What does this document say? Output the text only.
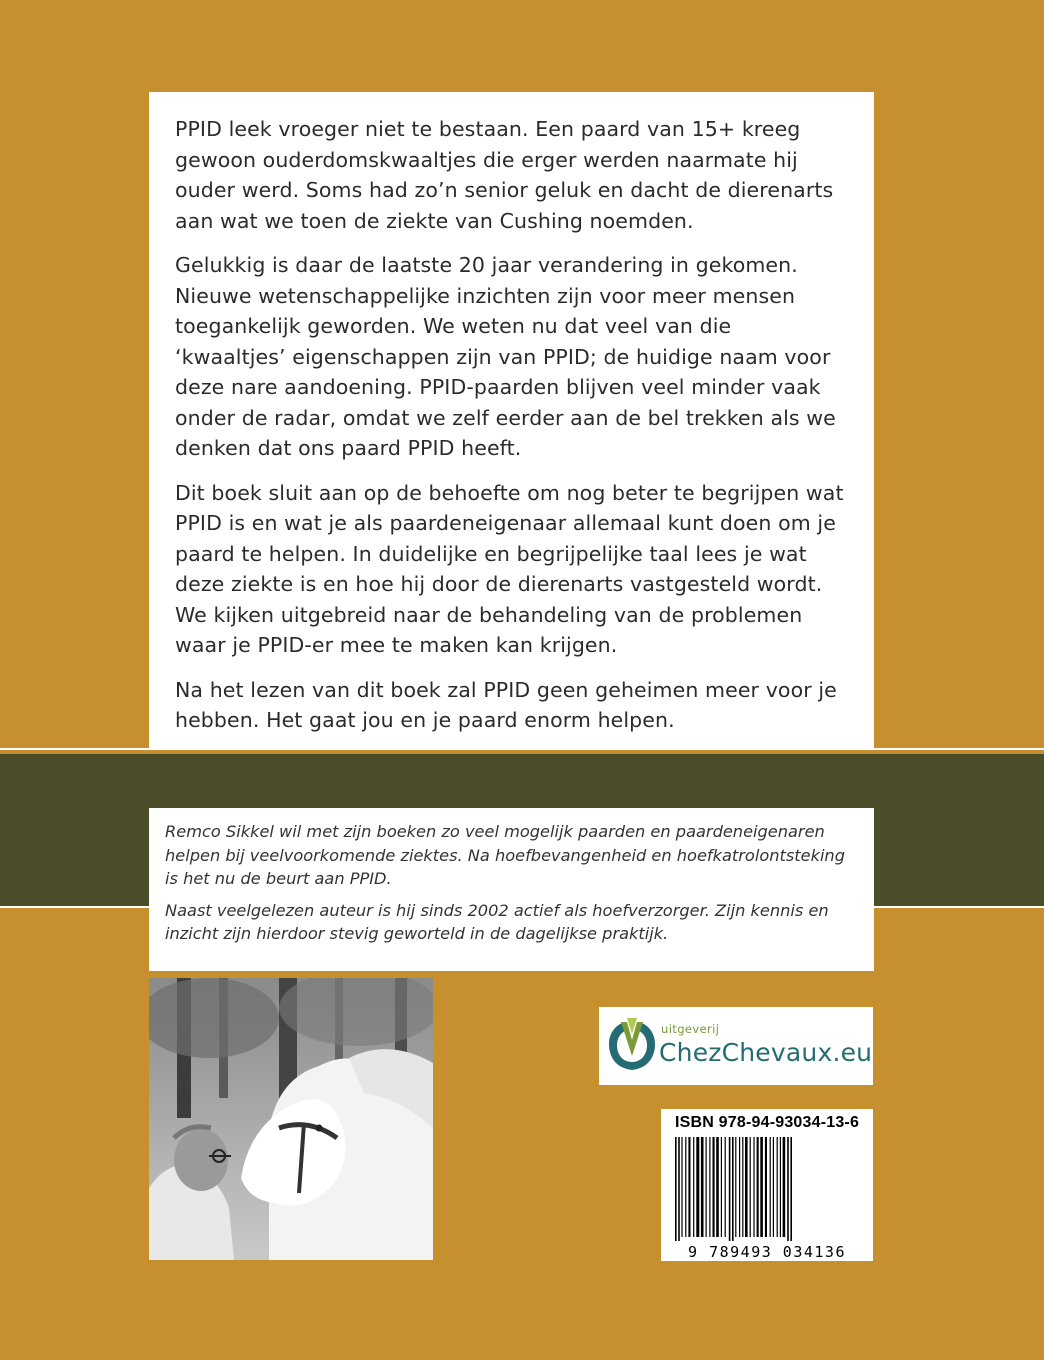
PPID leek vroeger niet te bestaan. Een paard van 15+ kreeg gewoon ouderdomskwaaltjes die erger werden naarmate hij ouder werd. Soms had zo’n senior geluk en dacht de dierenarts aan wat we toen de ziekte van Cushing noemden.

Gelukkig is daar de laatste 20 jaar verandering in gekomen. Nieuwe wetenschappelijke inzichten zijn voor meer mensen toegankelijk geworden. We weten nu dat veel van die ‘kwaaltjes’ eigenschappen zijn van PPID; de huidige naam voor deze nare aandoening. PPID-paarden blijven veel minder vaak onder de radar, omdat we zelf eerder aan de bel trekken als we denken dat ons paard PPID heeft.

Dit boek sluit aan op de behoefte om nog beter te begrijpen wat PPID is en wat je als paardeneigenaar allemaal kunt doen om je paard te helpen. In duidelijke en begrijpelijke taal lees je wat deze ziekte is en hoe hij door de dierenarts vastgesteld wordt. We kijken uitgebreid naar de behandeling van de problemen waar je PPID-er mee te maken kan krijgen.

Na het lezen van dit boek zal PPID geen geheimen meer voor je hebben. Het gaat jou en je paard enorm helpen.

Remco Sikkel wil met zijn boeken zo veel mogelijk paarden en paardeneigenaren helpen bij veelvoorkomende ziektes. Na hoefbevangenheid en hoefkatrolontsteking is het nu de beurt aan PPID.

Naast veelgelezen auteur is hij sinds 2002 actief als hoefverzorger. Zijn kennis en inzicht zijn hierdoor stevig geworteld in de dagelijkse praktijk.

uitgeverij
ChezChevaux.eu
ISBN 978-94-93034-13-6
9 789493 034136
